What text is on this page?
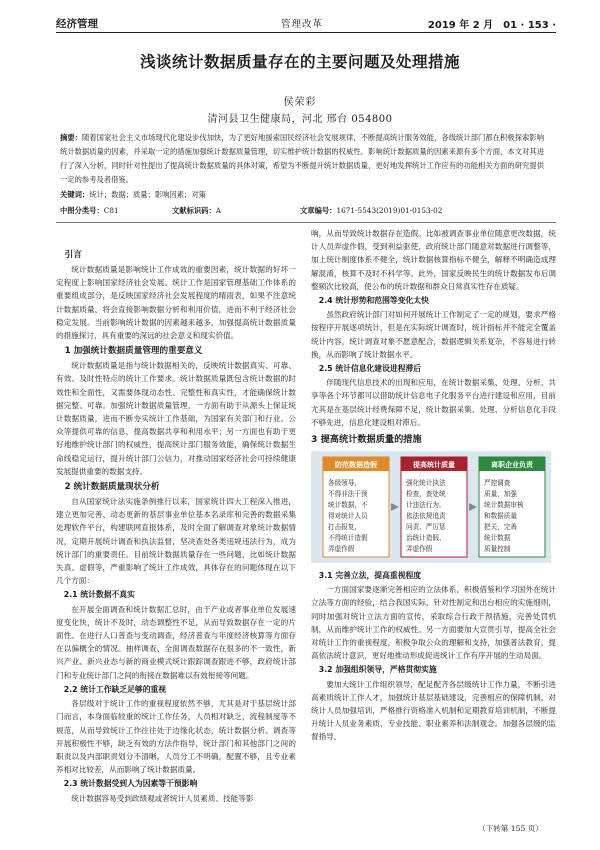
经济管理	管理改革	2019 年 2 月　01 · 153 ·
浅谈统计数据质量存在的主要问题及处理措施
侯荣彩
清河县卫生健康局，河北 邢台 054800
摘要：随着国家社会主义市场现代化建设步伐加快，为了更好地援索国民经济社会发展规律，不断提高统计服务效能，各级统计部门都在积极探索影响统计数据质量的因素，并采取一定的措施加强统计数据质量管理，切实维护统计数据的权威性。影响统计数据质量的因素来源有多个方面，本文对其进行了深入分析，同时针对性提出了提高统计数据质量的具体对策，希望为不断提升统计数据质量，更好地发挥统计工作应有的功能相关方面的研究提供一定的参考及者借鉴。
关键词：统计；数据；质量；影响因素；对策
中图分类号： C81	文献标识码： A	文章编号： 1671-5543(2019)01-0153-02
引言

统计数据质量是影响统计工作成效的重要因素，统计数据的好坏一定程度上影响国家经济社会发展。统计工作是国家管理基础工作体系的重要组成部分，是反映国家经济社会发展程度的晴雨表，如果不注意统计数据质量，将会直接影响数据分析和利用价值，进而不利于经济社会稳定发展。当前影响统计数据的因素越来越多，加强提高统计数据质量的措施探讨，具有重要的深远的社会意义和现实价值。

1 加强统计数据质量管理的重要意义

统计数据质量是指与统计数据相关的，反映统计数据真实、可靠、有效、及时性特点的统计工作要求。统计数据质量既包含统计数据的时效性和全面性，又需要体现动态性、完整性和真实性，才能确保统计数据完整、可靠。加强统计数据质量管理，一方面有助于从源头上保证统计数据质量，进而不断夯实统计工作基础，为国家有关部门和行业、公众等提供可靠的信息，提高数据共享和利用水平；另一方面也有助于更好地维护统计部门的权威性，提高统计部门服务效能，确保统计数据生命线稳定运行，提升统计部门公信力，对推动国家经济社会可持续健康发展提供重要的数据支持。

2 统计数据质量现状分析

自从国家统计法实施条例推行以来，国家统计四大工程深入推进，建立更加完善、动态更新的基层事业单位基本名录库和完善的数据采集处理软件平台，构建联网直报体系，及时全面了解调查对象统计数据情况，定期开展统计调查和执法监督，坚决查处各类违规违法行为，成为统计部门的重要责任。目前统计数据质量存在一些问题，比如统计数据失真、虚假等，严重影响了统计工作成效，具体存在的问题体现在以下几个方面：

2.1 统计数据不真实

在开展全面调查和统计数据汇总时，由于产业或者事业单位发展速度变化快，统计不及时，动态调整性不足，从而导致数据存在一定的片面性。在进行人口普查与变动调查，经济普查与年度经济核算等方面存在以偏概全的情况。抽样调查、全面调查数据存在很多的不一致性，新兴产业、新兴业态与新的商业模式统计跟踪调查跟进不够，政府统计部门和专业统计部门之间的衔接在数据难以有效衔接等问题。

2.2 统计工作缺乏足够的重视

各层级对于统计工作的重视程度依然不够，尤其是对于基层统计部门而言，本身面临较重的统计工作任务，人员相对缺乏，流程制度等不规范，从而导致统计工作往往处于边缘化状态，统计数据分析、调查等开展积极性不够，缺乏有效的方法作指导，统计部门和其他部门之间的职责以及内部职责划分不清晰，人员分工不明确，配置不够，且专业素养相对比较差，从而影响了统计数据质量。

2.3 统计数据受到人为因素等干预影响

统计数据容易受到政绩观或者统计人员素质、技能等影

响，从而导致统计数据存在造假。比如被调查事业单位随意更改数据，统计人员弄虚作假，受到利益驱使，政府统计部门随意对数据进行调整等，加上统计制度体系不健全，统计数据核算指标不健全，解释不明确造成理解混淆，核算不及时不科学等。此外，国家反映民生的统计数据发布后调整频次比较高，使公布的统计数据和群众日常真实性存在质疑。

2.4 统计形势和范围等变化太快

虽然政府统计部门对如何开展统计工作制定了一定的规划，要求严格按程序开展逐项统计，但是在实际统计调查时，统计指标并不能完全覆盖统计内容，统计调查对象不愿意配合，数据逻辑关系复杂，不容易进行转换，从而影响了统计数据水平。

2.5 统计信息化建设进程滞后

伴随现代信息技术的出现和应用，在统计数据采集、处理、分析、共享等各个环节都可以借助统计信息电子化服务平台进行建设和应用，目前尤其是在基层统计经费保障不足，统计数据采集、处理、分析信息化手段不够先进，信息化建设相对滞后。

3 提高统计数据质量的措施
防范数据造假
各级领导，
不得非法干预
统计数据，不
得对统计人员
打击报复，
不得统计造假
弄虚作假
提高统计质量
强化统计执法
检查，查处统
计违法行为，
依法依规追责
问责，严厉惩
治统计造假、
弄虚作假
离职企业负责
严控调查
质量，加强
统计数据审核
和数据质量
把关，完善
统计数据
质量控制
3.1 完善立法，提高重视程度

一方面国家要逐渐完善相应的立法体系，积极借鉴和学习国外在统计立法等方面的经验，结合我国实际，针对性制定和出台相应的实施细则，同时加强对统计立法方面的宣传，采取综合行政干预措施，完善处罚机制，从而维护统计工作的权威性。另一方面要加大宣贯引导，提高全社会对统计工作的重视程度，积极争取公众的理解和支持，加强普法教育，提高依法统计意识，更好地推动形成促进统计工作有序开展的生动局面。

3.2 加强组织领导，严格贯彻实施

要加大统计工作组织领导，配足配齐各层级统计工作力量，不断引进高素质统计工作人才，加强统计基层基础建设，完善相应的保障机制，对统计人员加强培训，严格推行资格准入机制和定期教育培训机制，不断提升统计人员业务素质、专业技能、职业素养和法制观念。加强各层级的监督指导，

（下转第 155 页）
